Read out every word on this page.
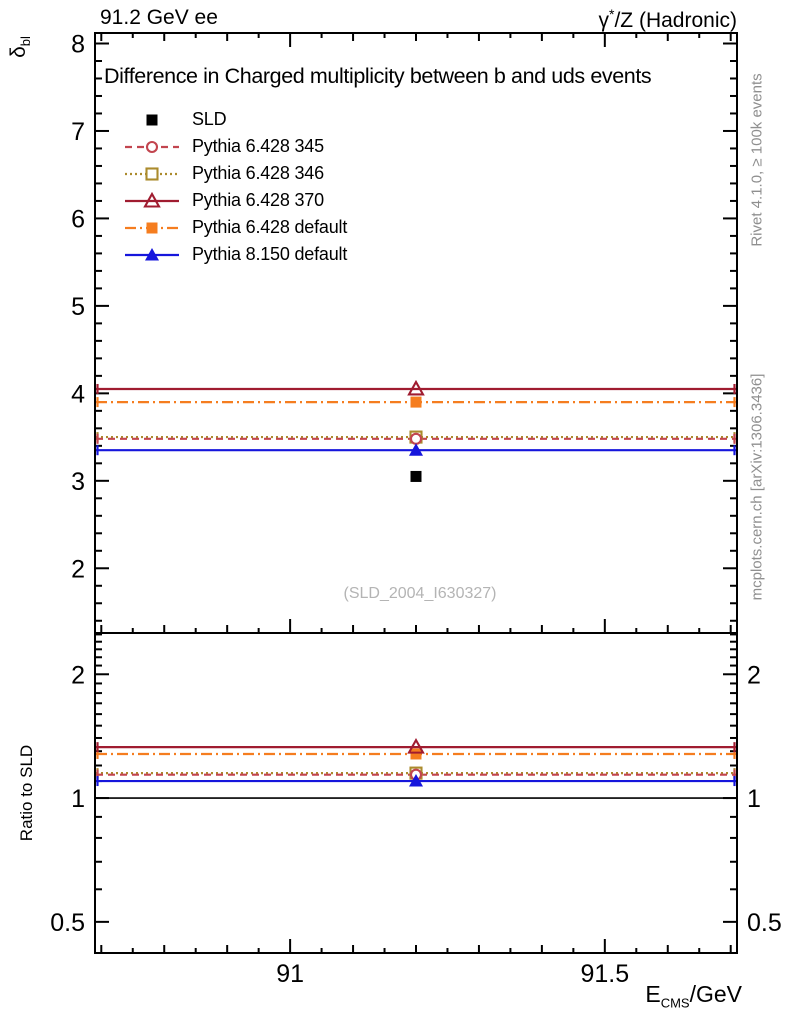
91	91.5
2
3
4
5
6
7
8
0.5	0.5
1	1
2	2
91.2 GeV ee	γ*/Z (Hadronic)
Difference in Charged multiplicity between b and uds events
(SLD_2004_I630327)
$\delta_{bl}$
Ratio to SLD
Rivet 4.1.0, ≥ 100k events
mcplots.cern.ch [arXiv:1306.3436]
$E_{CMS}$/GeV
SLD
Pythia 6.428 345
Pythia 6.428 346
Pythia 6.428 370
Pythia 6.428 default
Pythia 8.150 default
